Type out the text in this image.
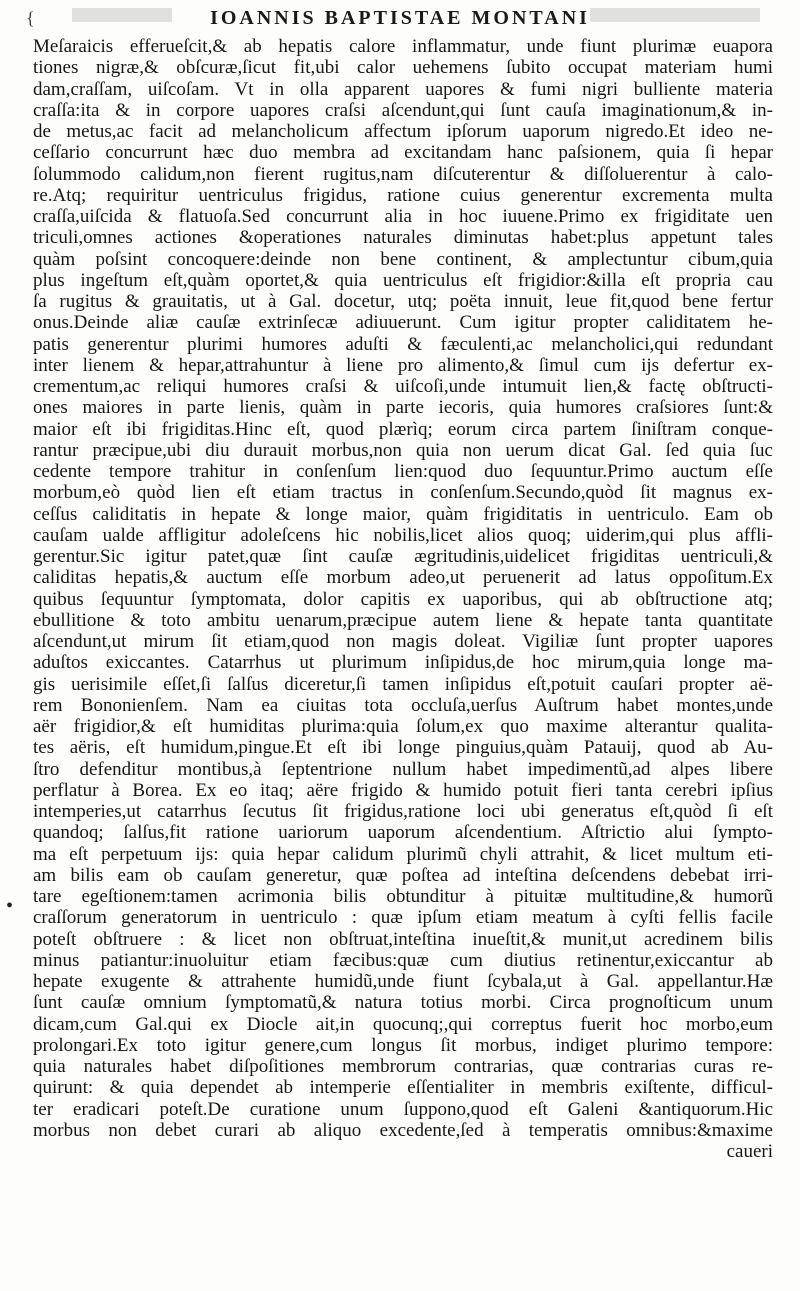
{	IOANNIS BAPTISTAE MONTANI
•
Meſaraicis efferueſcit,& ab hepatis calore inflammatur, unde fiunt plurimæ euapora
tiones nigræ,& obſcuræ,ſicut fit,ubi calor uehemens ſubito occupat materiam humi
dam,craſſam, uiſcoſam. Vt in olla apparent uapores & fumi nigri bulliente materia
craſſa:ita & in corpore uapores craſsi aſcendunt,qui ſunt cauſa imaginationum,& in-
de metus,ac facit ad melancholicum affectum ipſorum uaporum nigredo.Et ideo ne-
ceſſario concurrunt hæc duo membra ad excitandam hanc paſsionem, quia ſi hepar
ſolummodo calidum,non fierent rugitus,nam diſcuterentur & diſſoluerentur à calo-
re.Atq; requiritur uentriculus frigidus, ratione cuius generentur excrementa multa
craſſa,uiſcida & flatuoſa.Sed concurrunt alia in hoc iuuene.Primo ex frigiditate uen
triculi,omnes actiones &operationes naturales diminutas habet:plus appetunt tales
quàm poſsint concoquere:deinde non bene continent, & amplectuntur cibum,quia
plus ingeſtum eſt,quàm oportet,& quia uentriculus eſt frigidior:&illa eſt propria cau
ſa rugitus & grauitatis, ut à Gal. docetur, utq; poëta innuit, leue fit,quod bene fertur
onus.Deinde aliæ cauſæ extrinſecæ adiuuerunt. Cum igitur propter caliditatem he-
patis generentur plurimi humores aduſti & fæculenti,ac melancholici,qui redundant
inter lienem & hepar,attrahuntur à liene pro alimento,& ſimul cum ijs defertur ex-
crementum,ac reliqui humores craſsi & uiſcoſi,unde intumuit lien,& factę obſtructi-
ones maiores in parte lienis, quàm in parte iecoris, quia humores craſsiores ſunt:&
maior eſt ibi frigiditas.Hinc eſt, quod plærìq; eorum circa partem ſiniſtram conque-
rantur præcipue,ubi diu durauit morbus,non quia non uerum dicat Gal. ſed quia ſuc
cedente tempore trahitur in conſenſum lien:quod duo ſequuntur.Primo auctum eſſe
morbum,eò quòd lien eſt etiam tractus in conſenſum.Secundo,quòd ſit magnus ex-
ceſſus caliditatis in hepate & longe maior, quàm frigiditatis in uentriculo. Eam ob
cauſam ualde affligitur adoleſcens hic nobilis,licet alios quoq; uiderim,qui plus affli-
gerentur.Sic igitur patet,quæ ſint cauſæ ægritudinis,uidelicet frigiditas uentriculi,&
caliditas hepatis,& auctum eſſe morbum adeo,ut peruenerit ad latus oppoſitum.Ex
quibus ſequuntur ſymptomata, dolor capitis ex uaporibus, qui ab obſtructione atq;
ebullitione & toto ambitu uenarum,præcipue autem liene & hepate tanta quantitate
aſcendunt,ut mirum ſit etiam,quod non magis doleat. Vigiliæ ſunt propter uapores
aduſtos exiccantes. Catarrhus ut plurimum inſipidus,de hoc mirum,quia longe ma-
gis uerisimile eſſet,ſi ſalſus diceretur,ſi tamen inſipidus eſt,potuit cauſari propter aë-
rem Bononienſem. Nam ea ciuitas tota occluſa,uerſus Auſtrum habet montes,unde
aër frigidior,& eſt humiditas plurima:quia ſolum,ex quo maxime alterantur qualita-
tes aëris, eſt humidum,pingue.Et eſt ibi longe pinguius,quàm Patauij, quod ab Au-
ſtro defenditur montibus,à ſeptentrione nullum habet impedimentũ,ad alpes libere
perflatur à Borea. Ex eo itaq; aëre frigido & humido potuit fieri tanta cerebri ipſius
intemperies,ut catarrhus ſecutus ſit frigidus,ratione loci ubi generatus eſt,quòd ſi eſt
quandoq; ſalſus,fit ratione uariorum uaporum aſcendentium. Aſtrictio alui ſympto-
ma eſt perpetuum ijs: quia hepar calidum plurimũ chyli attrahit, & licet multum eti-
am bilis eam ob cauſam generetur, quæ poſtea ad inteſtina deſcendens debebat irri-
tare egeſtionem:tamen acrimonia bilis obtunditur à pituitæ multitudine,& humorũ
craſſorum generatorum in uentriculo : quæ ipſum etiam meatum à cyſti fellis facile
poteſt obſtruere : & licet non obſtruat,inteſtina inueſtit,& munit,ut acredinem bilis
minus patiantur:inuoluitur etiam fæcibus:quæ cum diutius retinentur,exiccantur ab
hepate exugente & attrahente humidũ,unde fiunt ſcybala,ut à Gal. appellantur.Hæ
ſunt cauſæ omnium ſymptomatũ,& natura totius morbi. Circa prognoſticum unum
dicam,cum Gal.qui ex Diocle ait,in quocunq;,qui correptus fuerit hoc morbo,eum
prolongari.Ex toto igitur genere,cum longus ſit morbus, indiget plurimo tempore:
quia naturales habet diſpoſitiones membrorum contrarias, quæ contrarias curas re-
quirunt: & quia dependet ab intemperie eſſentialiter in membris exiſtente, difficul-
ter eradicari poteſt.De curatione unum ſuppono,quod eſt Galeni &antiquorum.Hic
morbus non debet curari ab aliquo excedente,ſed à temperatis omnibus:&maxime
caueri
